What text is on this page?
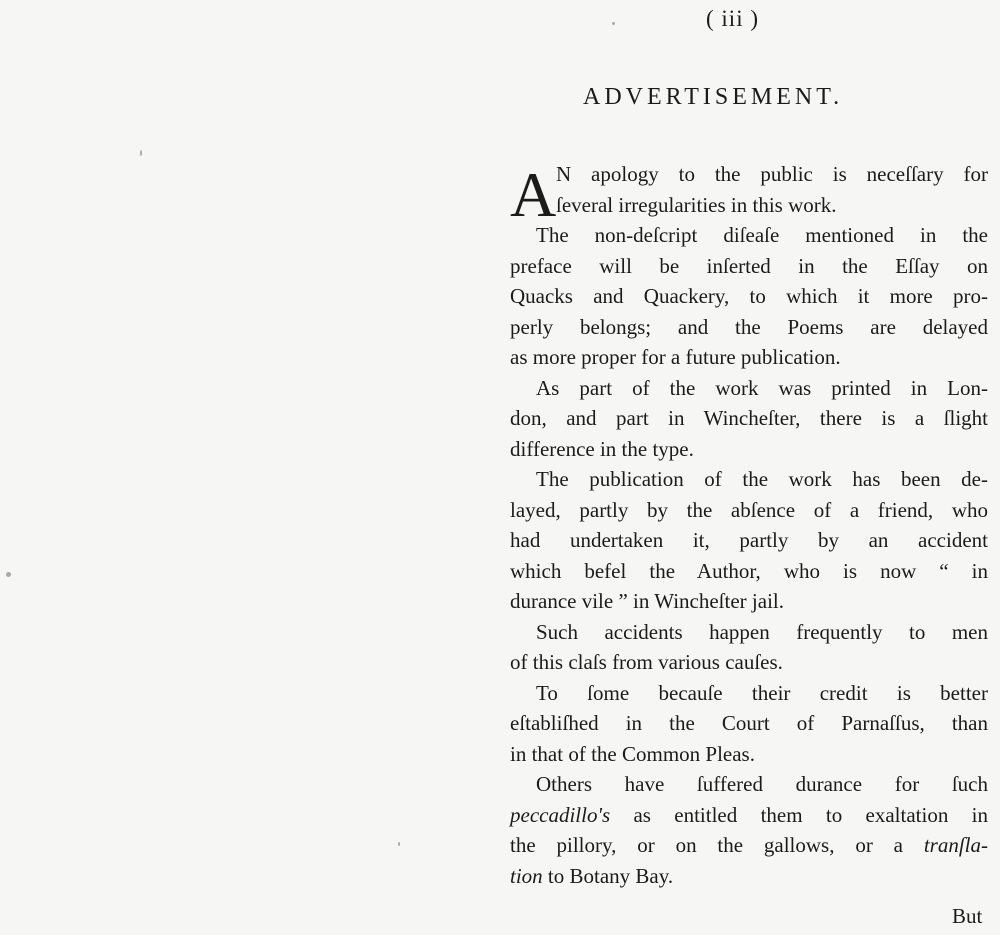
( iii )
ADVERTISEMENT.
A N apology to the public is neceſſary for
ſeveral irregularities in this work.
The non-deſcript diſeaſe mentioned in the
preface will be inſerted in the Eſſay on
Quacks and Quackery, to which it more pro-
perly belongs; and the Poems are delayed
as more proper for a future publication.
As part of the work was printed in Lon-
don, and part in Wincheſter, there is a ſlight
difference in the type.
The publication of the work has been de-
layed, partly by the abſence of a friend, who
had undertaken it, partly by an accident
which befel the Author, who is now “ in
durance vile ” in Wincheſter jail.
Such accidents happen frequently to men
of this claſs from various cauſes.
To ſome becauſe their credit is better
eſtabliſhed in the Court of Parnaſſus, than
in that of the Common Pleas.
Others have ſuffered durance for ſuch
peccadillo's as entitled them to exaltation in
the pillory, or on the gallows, or a tranſla-
tion to Botany Bay.
But
